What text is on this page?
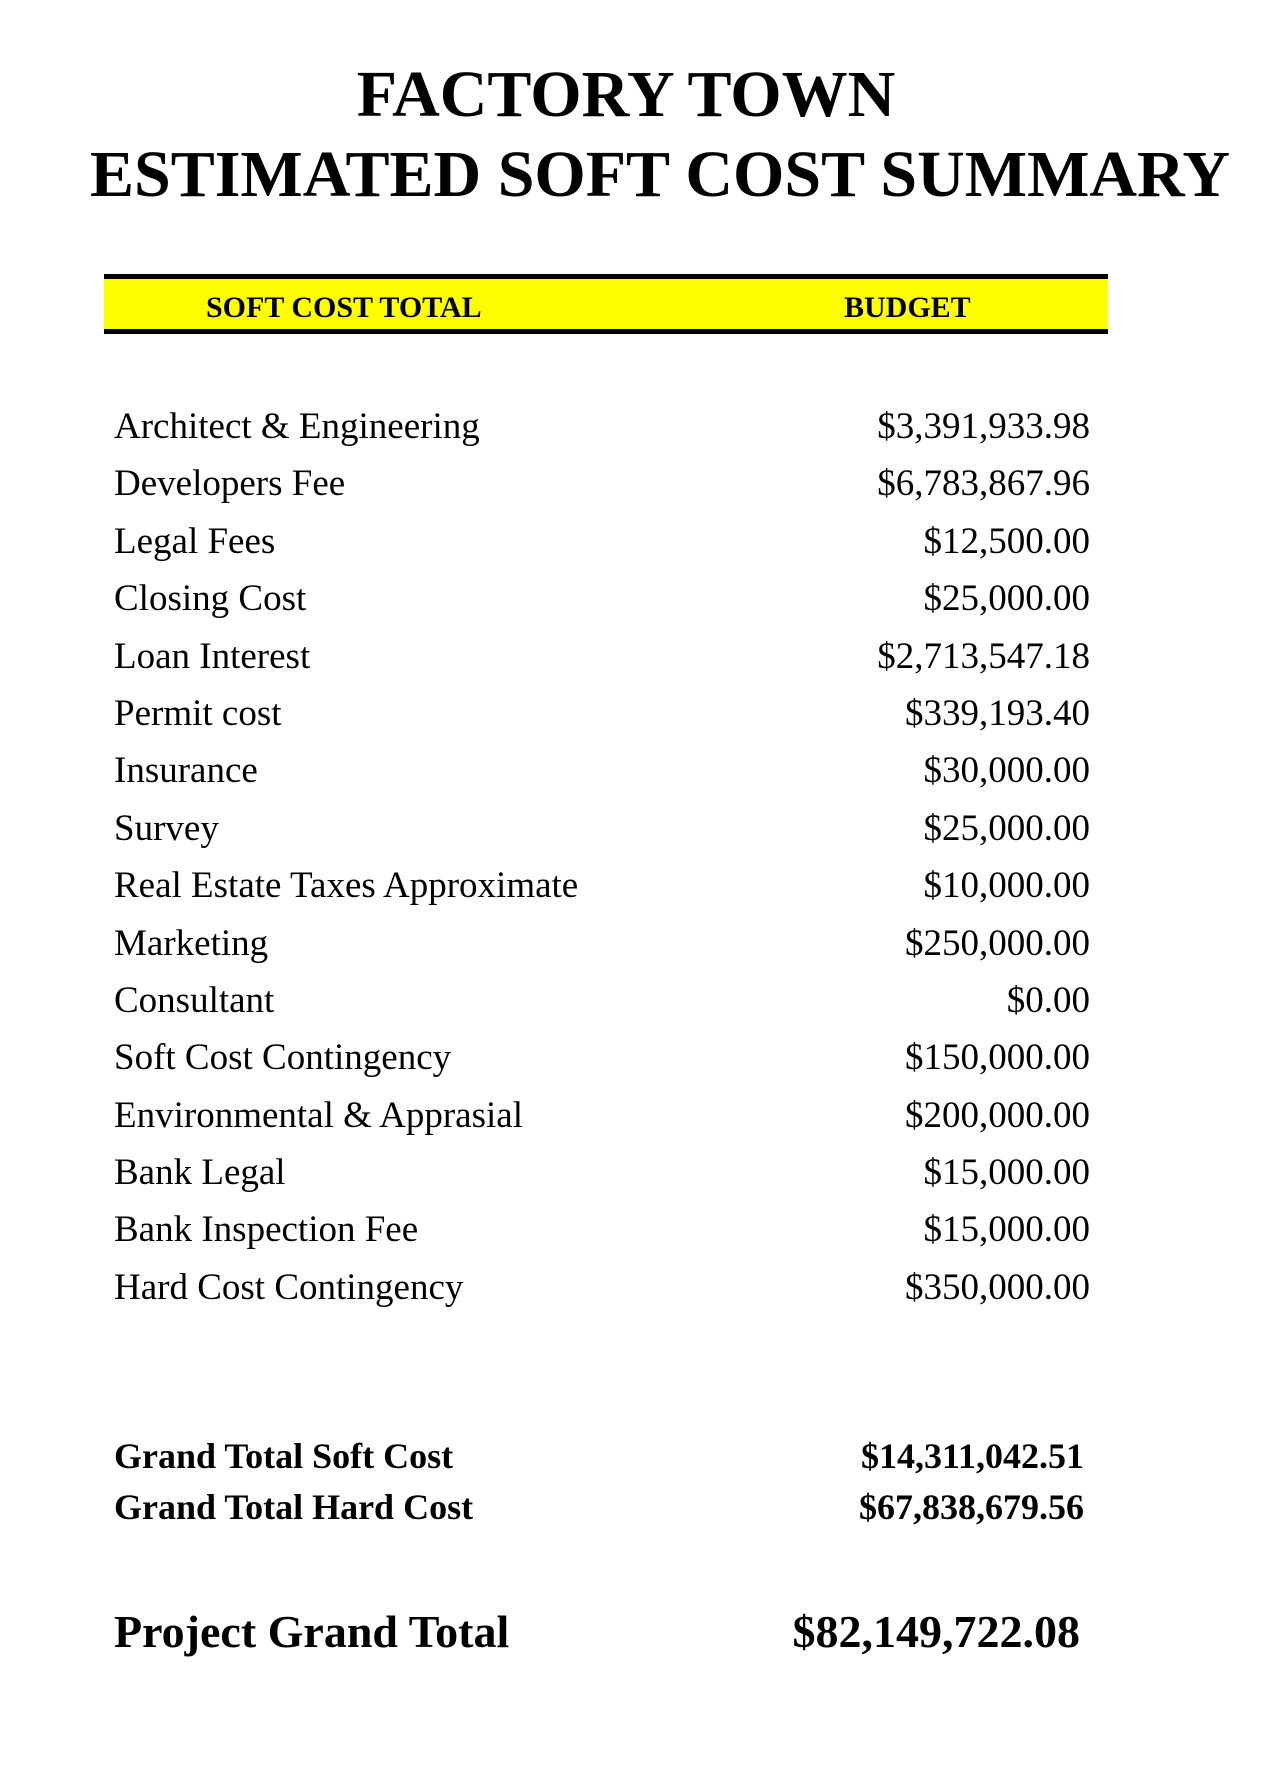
FACTORY TOWN
ESTIMATED SOFT COST SUMMARY
SOFT COST TOTAL	BUDGET
Architect & Engineering	$3,391,933.98
Developers Fee	$6,783,867.96
Legal Fees	$12,500.00
Closing Cost	$25,000.00
Loan Interest	$2,713,547.18
Permit cost	$339,193.40
Insurance	$30,000.00
Survey	$25,000.00
Real Estate Taxes Approximate	$10,000.00
Marketing	$250,000.00
Consultant	$0.00
Soft Cost Contingency	$150,000.00
Environmental & Apprasial	$200,000.00
Bank Legal	$15,000.00
Bank Inspection Fee	$15,000.00
Hard Cost Contingency	$350,000.00
Grand Total Soft Cost	$14,311,042.51
Grand Total Hard Cost	$67,838,679.56
Project Grand Total	$82,149,722.08
